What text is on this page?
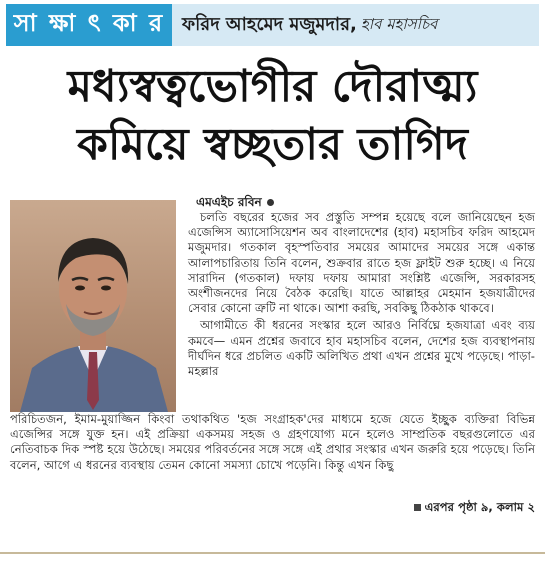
সা ক্ষা ৎ কা র ফরিদ আহমেদ মজুমদার, হাব মহাসচিব
মধ্যস্বত্বভোগীর দৌরাত্ম্য
কমিয়ে স্বচ্ছতার তাগিদ
এমএইচ রবিন

চলতি বছরের হজের সব প্রস্তুতি সম্পন্ন হয়েছে বলে জানিয়েছেন হজ এজেন্সিস অ্যাসোসিয়েশন অব বাংলাদেশের (হাব) মহাসচিব ফরিদ আহমেদ মজুমদার। গতকাল বৃহস্পতিবার সময়ের আমাদের সময়ের সঙ্গে একান্ত আলাপচারিতায় তিনি বলেন, শুক্রবার রাতে হজ ফ্লাইট শুরু হচ্ছে। এ নিয়ে সারাদিন (গতকাল) দফায় দফায় আমারা সংশ্লিষ্ট এজেন্সি, সরকারসহ অংশীজনদের নিয়ে বৈঠক করেছি। যাতে আল্লাহর মেহমান হজযাত্রীদের সেবার কোনো ত্রুটি না থাকে। আশা করছি, সবকিছু ঠিকঠাক থাকবে।

আগামীতে কী ধরনের সংস্কার হলে আরও নির্বিঘ্নে হজযাত্রা এবং ব্যয় কমবে— এমন প্রশ্নের জবাবে হাব মহাসচিব বলেন, দেশের হজ ব্যবস্থাপনায় দীর্ঘদিন ধরে প্রচলিত একটি অলিখিত প্রথা এখন প্রশ্নের মুখে পড়েছে। পাড়া-মহল্লার

পরিচিতজন, ইমাম-মুয়াজ্জিন কিংবা তথাকথিত 'হজ সংগ্রাহক'দের মাধ্যমে হজে যেতে ইচ্ছুক ব্যক্তিরা বিভিন্ন এজেন্সির সঙ্গে যুক্ত হন। এই প্রক্রিয়া একসময় সহজ ও গ্রহণযোগ্য মনে হলেও সাম্প্রতিক বছরগুলোতে এর নেতিবাচক দিক স্পষ্ট হয়ে উঠেছে। সময়ের পরিবর্তনের সঙ্গে সঙ্গে এই প্রথার সংস্কার এখন জরুরি হয়ে পড়েছে। তিনি বলেন, আগে এ ধরনের ব্যবস্থায় তেমন কোনো সমস্যা চোখে পড়েনি। কিন্তু এখন কিছু

এরপর পৃষ্ঠা ৯, কলাম ২
